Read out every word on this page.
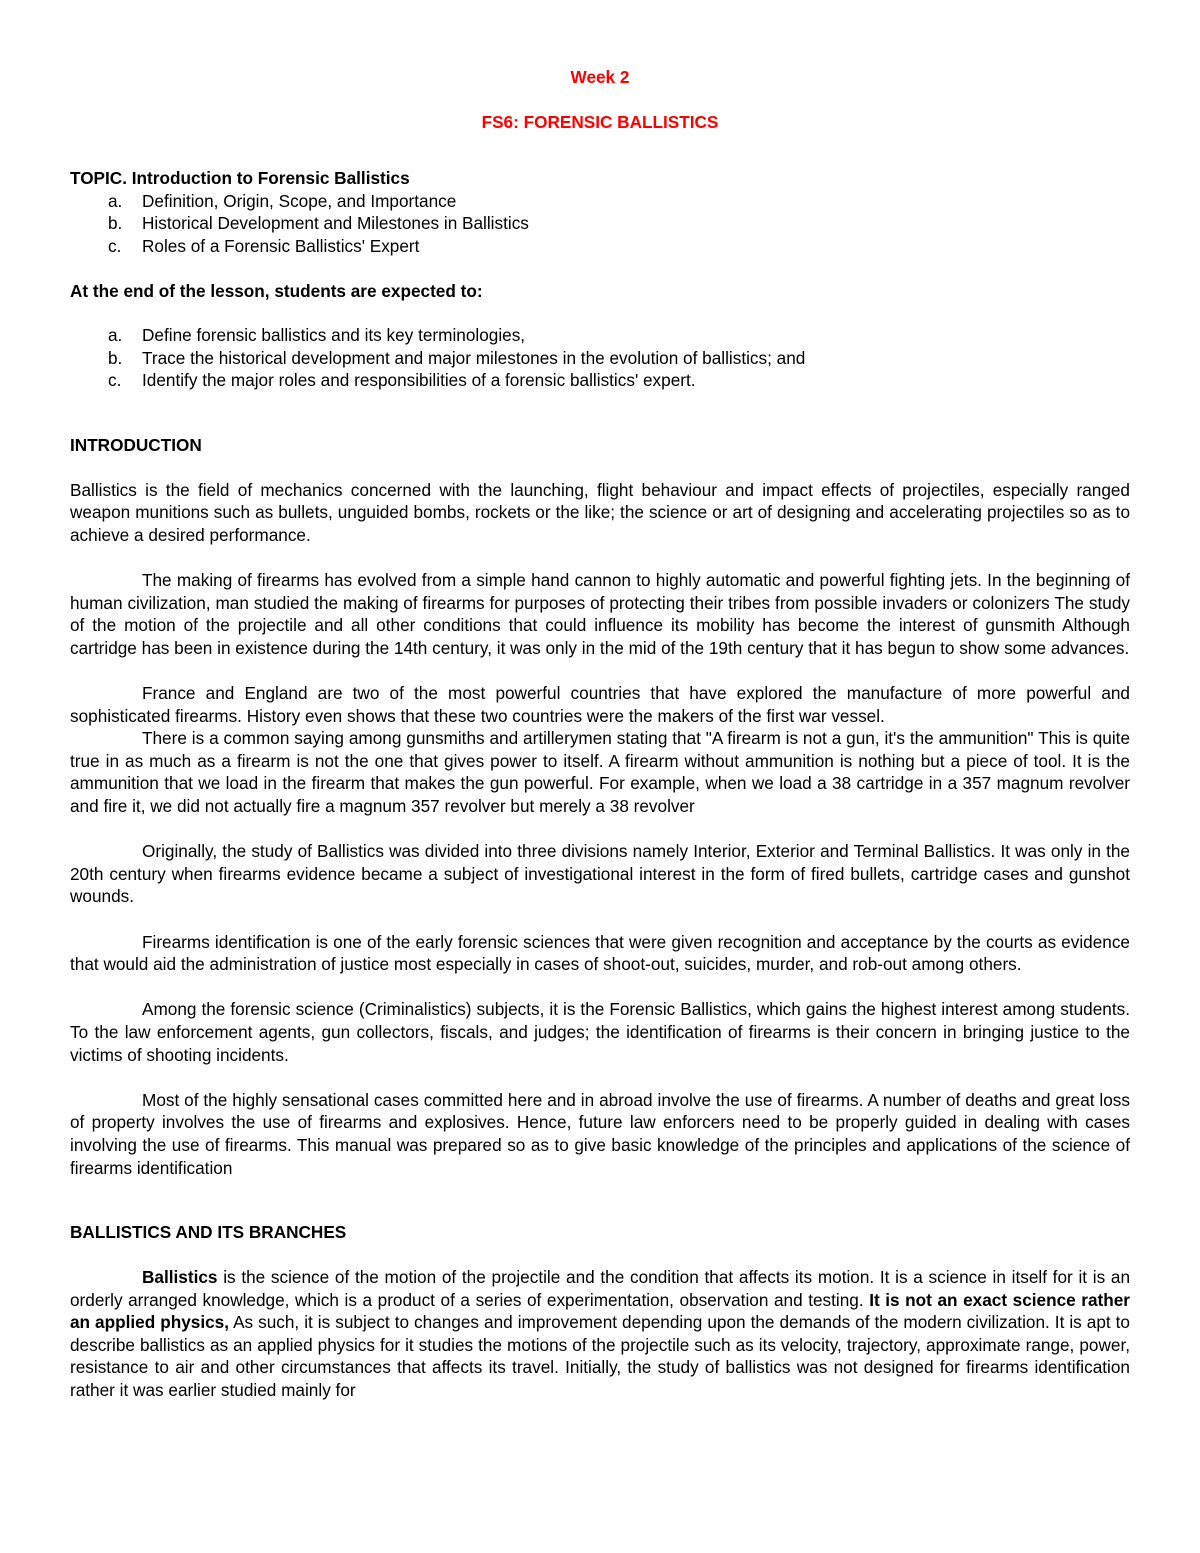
Week 2

FS6: FORENSIC BALLISTICS

TOPIC. Introduction to Forensic Ballistics

a. Definition, Origin, Scope, and Importance
b. Historical Development and Milestones in Ballistics
c. Roles of a Forensic Ballistics' Expert

At the end of the lesson, students are expected to:

a. Define forensic ballistics and its key terminologies,
b. Trace the historical development and major milestones in the evolution of ballistics; and
c. Identify the major roles and responsibilities of a forensic ballistics' expert.

INTRODUCTION

Ballistics is the field of mechanics concerned with the launching, flight behaviour and impact effects of projectiles, especially ranged weapon munitions such as bullets, unguided bombs, rockets or the like; the science or art of designing and accelerating projectiles so as to achieve a desired performance.

The making of firearms has evolved from a simple hand cannon to highly automatic and powerful fighting jets. In the beginning of human civilization, man studied the making of firearms for purposes of protecting their tribes from possible invaders or colonizers The study of the motion of the projectile and all other conditions that could influence its mobility has become the interest of gunsmith Although cartridge has been in existence during the 14th century, it was only in the mid of the 19th century that it has begun to show some advances.

France and England are two of the most powerful countries that have explored the manufacture of more powerful and sophisticated firearms. History even shows that these two countries were the makers of the first war vessel.

There is a common saying among gunsmiths and artillerymen stating that "A firearm is not a gun, it's the ammunition" This is quite true in as much as a firearm is not the one that gives power to itself. A firearm without ammunition is nothing but a piece of tool. It is the ammunition that we load in the firearm that makes the gun powerful. For example, when we load a 38 cartridge in a 357 magnum revolver and fire it, we did not actually fire a magnum 357 revolver but merely a 38 revolver

Originally, the study of Ballistics was divided into three divisions namely Interior, Exterior and Terminal Ballistics. It was only in the 20th century when firearms evidence became a subject of investigational interest in the form of fired bullets, cartridge cases and gunshot wounds.

Firearms identification is one of the early forensic sciences that were given recognition and acceptance by the courts as evidence that would aid the administration of justice most especially in cases of shoot-out, suicides, murder, and rob-out among others.

Among the forensic science (Criminalistics) subjects, it is the Forensic Ballistics, which gains the highest interest among students. To the law enforcement agents, gun collectors, fiscals, and judges; the identification of firearms is their concern in bringing justice to the victims of shooting incidents.

Most of the highly sensational cases committed here and in abroad involve the use of firearms. A number of deaths and great loss of property involves the use of firearms and explosives. Hence, future law enforcers need to be properly guided in dealing with cases involving the use of firearms. This manual was prepared so as to give basic knowledge of the principles and applications of the science of firearms identification

BALLISTICS AND ITS BRANCHES

Ballistics is the science of the motion of the projectile and the condition that affects its motion. It is a science in itself for it is an orderly arranged knowledge, which is a product of a series of experimentation, observation and testing. It is not an exact science rather an applied physics, As such, it is subject to changes and improvement depending upon the demands of the modern civilization. It is apt to describe ballistics as an applied physics for it studies the motions of the projectile such as its velocity, trajectory, approximate range, power, resistance to air and other circumstances that affects its travel. Initially, the study of ballistics was not designed for firearms identification rather it was earlier studied mainly for
